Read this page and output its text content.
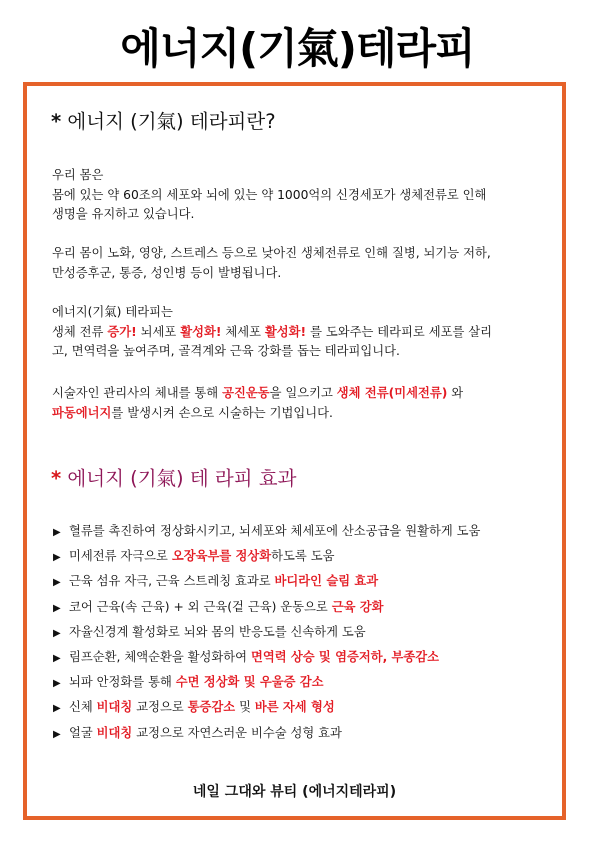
에너지(기氣)테라피
* 에너지 (기氣) 테라피란?
우리 몸은
몸에 있는 약 60조의 세포와 뇌에 있는 약 1000억의 신경세포가 생체전류로 인해
생명을 유지하고 있습니다.
우리 몸이 노화, 영양, 스트레스 등으로 낮아진 생체전류로 인해 질병, 뇌기능 저하,
만성증후군, 통증, 성인병 등이 발병됩니다.
에너지(기氣) 테라피는
생체 전류 증가! 뇌세포 활성화! 체세포 활성화! 를 도와주는 테라피로 세포를 살리
고, 면역력을 높여주며, 골격계와 근육 강화를 돕는 테라피입니다.
시술자인 관리사의 체내를 통해 공진운동을 일으키고 생체 전류(미세전류) 와
파동에너지를 발생시켜 손으로 시술하는 기법입니다.
* 에너지 (기氣) 테 라피 효과
▶ 혈류를 촉진하여 정상화시키고, 뇌세포와 체세포에 산소공급을 원활하게 도움
▶ 미세전류 자극으로 오장육부를 정상화하도록 도움
▶ 근육 섬유 자극, 근육 스트레칭 효과로 바디라인 슬림 효과
▶ 코어 근육(속 근육) + 외 근육(겉 근육) 운동으로 근육 강화
▶ 자율신경계 활성화로 뇌와 몸의 반응도를 신속하게 도움
▶ 림프순환, 체액순환을 활성화하여 면역력 상승 및 염증저하, 부종감소
▶ 뇌파 안정화를 통해 수면 정상화 및 우울증 감소
▶ 신체 비대칭 교정으로 통증감소 및 바른 자세 형성
▶ 얼굴 비대칭 교정으로 자연스러운 비수술 성형 효과
네일 그대와 뷰티 (에너지테라피)
